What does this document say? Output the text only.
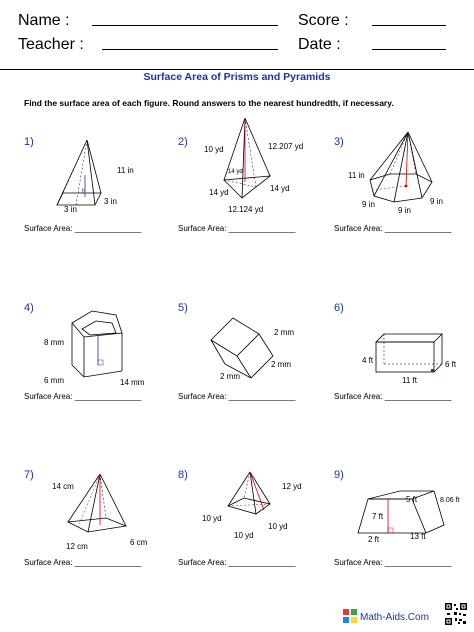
Name :	Score :
Teacher :	Date :
Surface Area of Prisms and Pyramids
Find the surface area of each figure. Round answers to the nearest hundredth, if necessary.
1)
h
11 in
3 in
3 in
Surface Area: _______________
2)
10 yd	12.207 yd
14 yd
14 yd	14 yd
12.124 yd
Surface Area: _______________
3)
11 in
9 in
9 in
9 in
Surface Area: _______________
4)
8 mm
6 mm	14 mm
Surface Area: _______________
5)
2 mm
2 mm
2 mm
Surface Area: _______________
6)
4 ft	6 ft
11 ft
Surface Area: _______________
7)
14 cm
12 cm	6 cm
Surface Area: _______________
8)
12 yd
10 yd
10 yd
10 yd
Surface Area: _______________
9)
5 ft	8.06 ft
7 ft
2 ft	13 ft
Surface Area: _______________
Math-Aids.Com
